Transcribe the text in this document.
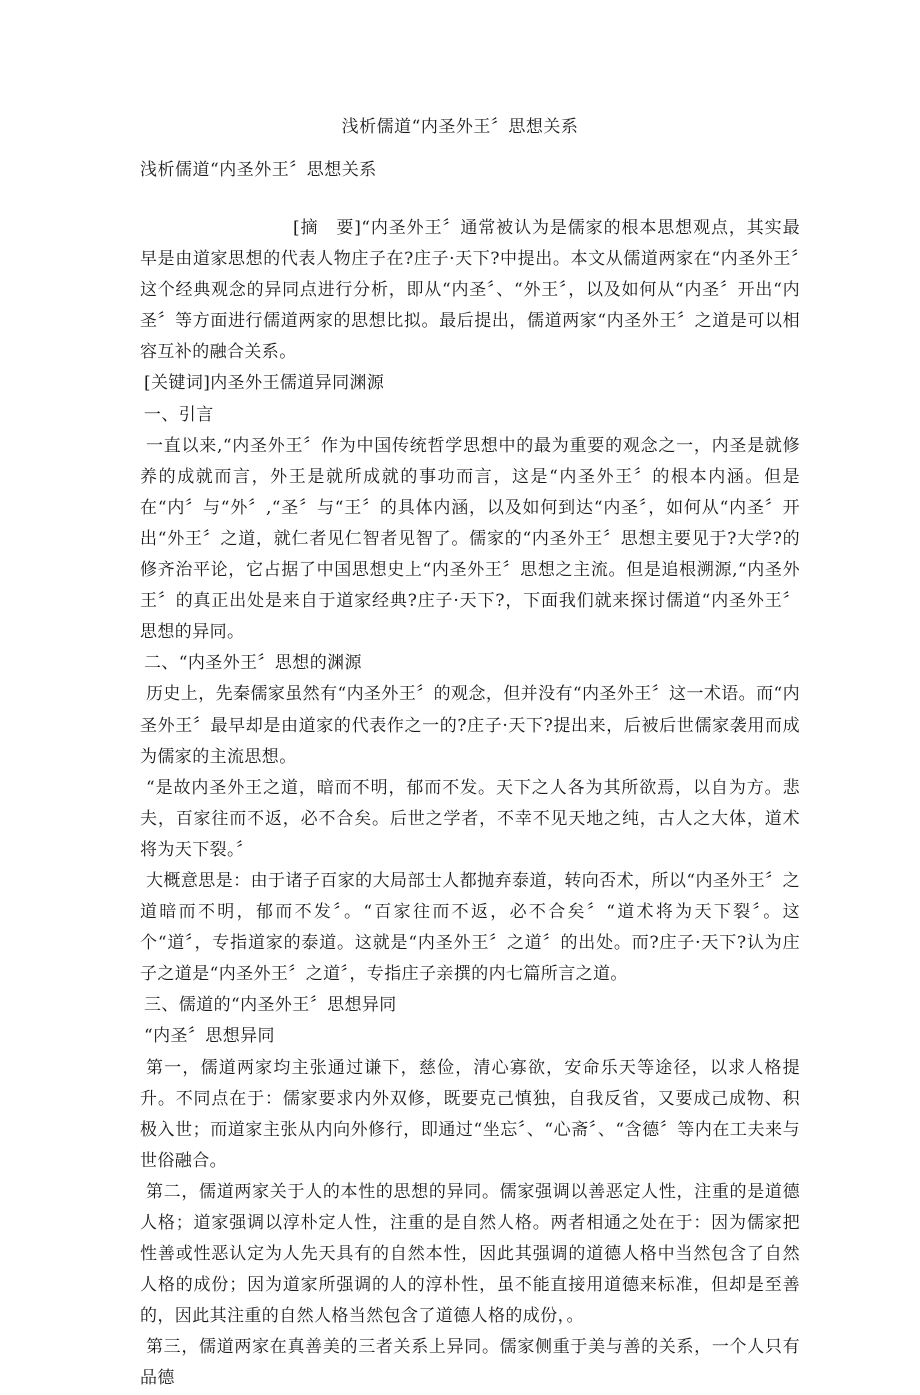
浅析儒道“内圣外王〞思想关系
浅析儒道“内圣外王〞思想关系

[摘　要]“内圣外王〞通常被认为是儒家的根本思想观点，其实最早是由道家思想的代表人物庄子在?庄子·天下?中提出。本文从儒道两家在“内圣外王〞这个经典观念的异同点进行分析，即从“内圣〞、“外王〞，以及如何从“内圣〞开出“内圣〞等方面进行儒道两家的思想比拟。最后提出，儒道两家“内圣外王〞之道是可以相容互补的融合关系。

[关键词]内圣外王儒道异同渊源

一、引言

一直以来,“内圣外王〞作为中国传统哲学思想中的最为重要的观念之一，内圣是就修养的成就而言，外王是就所成就的事功而言，这是“内圣外王〞的根本内涵。但是在“内〞与“外〞,“圣〞与“王〞的具体内涵，以及如何到达“内圣〞，如何从“内圣〞开出“外王〞之道，就仁者见仁智者见智了。儒家的“内圣外王〞思想主要见于?大学?的修齐治平论，它占据了中国思想史上“内圣外王〞思想之主流。但是追根溯源,“内圣外王〞的真正出处是来自于道家经典?庄子·天下?，下面我们就来探讨儒道“内圣外王〞思想的异同。

二、“内圣外王〞思想的渊源

历史上，先秦儒家虽然有“内圣外王〞的观念，但并没有“内圣外王〞这一术语。而“内圣外王〞最早却是由道家的代表作之一的?庄子·天下?提出来，后被后世儒家袭用而成为儒家的主流思想。

“是故内圣外王之道，暗而不明，郁而不发。天下之人各为其所欲焉，以自为方。悲夫，百家往而不返，必不合矣。后世之学者，不幸不见天地之纯，古人之大体，道术将为天下裂。〞

大概意思是：由于诸子百家的大局部士人都抛弃泰道，转向否术，所以“内圣外王〞之道暗而不明，郁而不发〞。“百家往而不返，必不合矣〞“道术将为天下裂〞。这个“道〞，专指道家的泰道。这就是“内圣外王〞之道〞的出处。而?庄子·天下?认为庄子之道是“内圣外王〞之道〞，专指庄子亲撰的内七篇所言之道。

三、儒道的“内圣外王〞思想异同

“内圣〞思想异同

第一，儒道两家均主张通过谦下，慈俭，清心寡欲，安命乐天等途径，以求人格提升。不同点在于：儒家要求内外双修，既要克己慎独，自我反省，又要成己成物、积极入世；而道家主张从内向外修行，即通过“坐忘〞、“心斋〞、“含德〞等内在工夫来与世俗融合。

第二，儒道两家关于人的本性的思想的异同。儒家强调以善恶定人性，注重的是道德人格；道家强调以淳朴定人性，注重的是自然人格。两者相通之处在于：因为儒家把性善或性恶认定为人先天具有的自然本性，因此其强调的道德人格中当然包含了自然人格的成份；因为道家所强调的人的淳朴性，虽不能直接用道德来标准，但却是至善的，因此其注重的自然人格当然包含了道德人格的成份，。

第三，儒道两家在真善美的三者关系上异同。儒家侧重于美与善的关系，一个人只有品德
